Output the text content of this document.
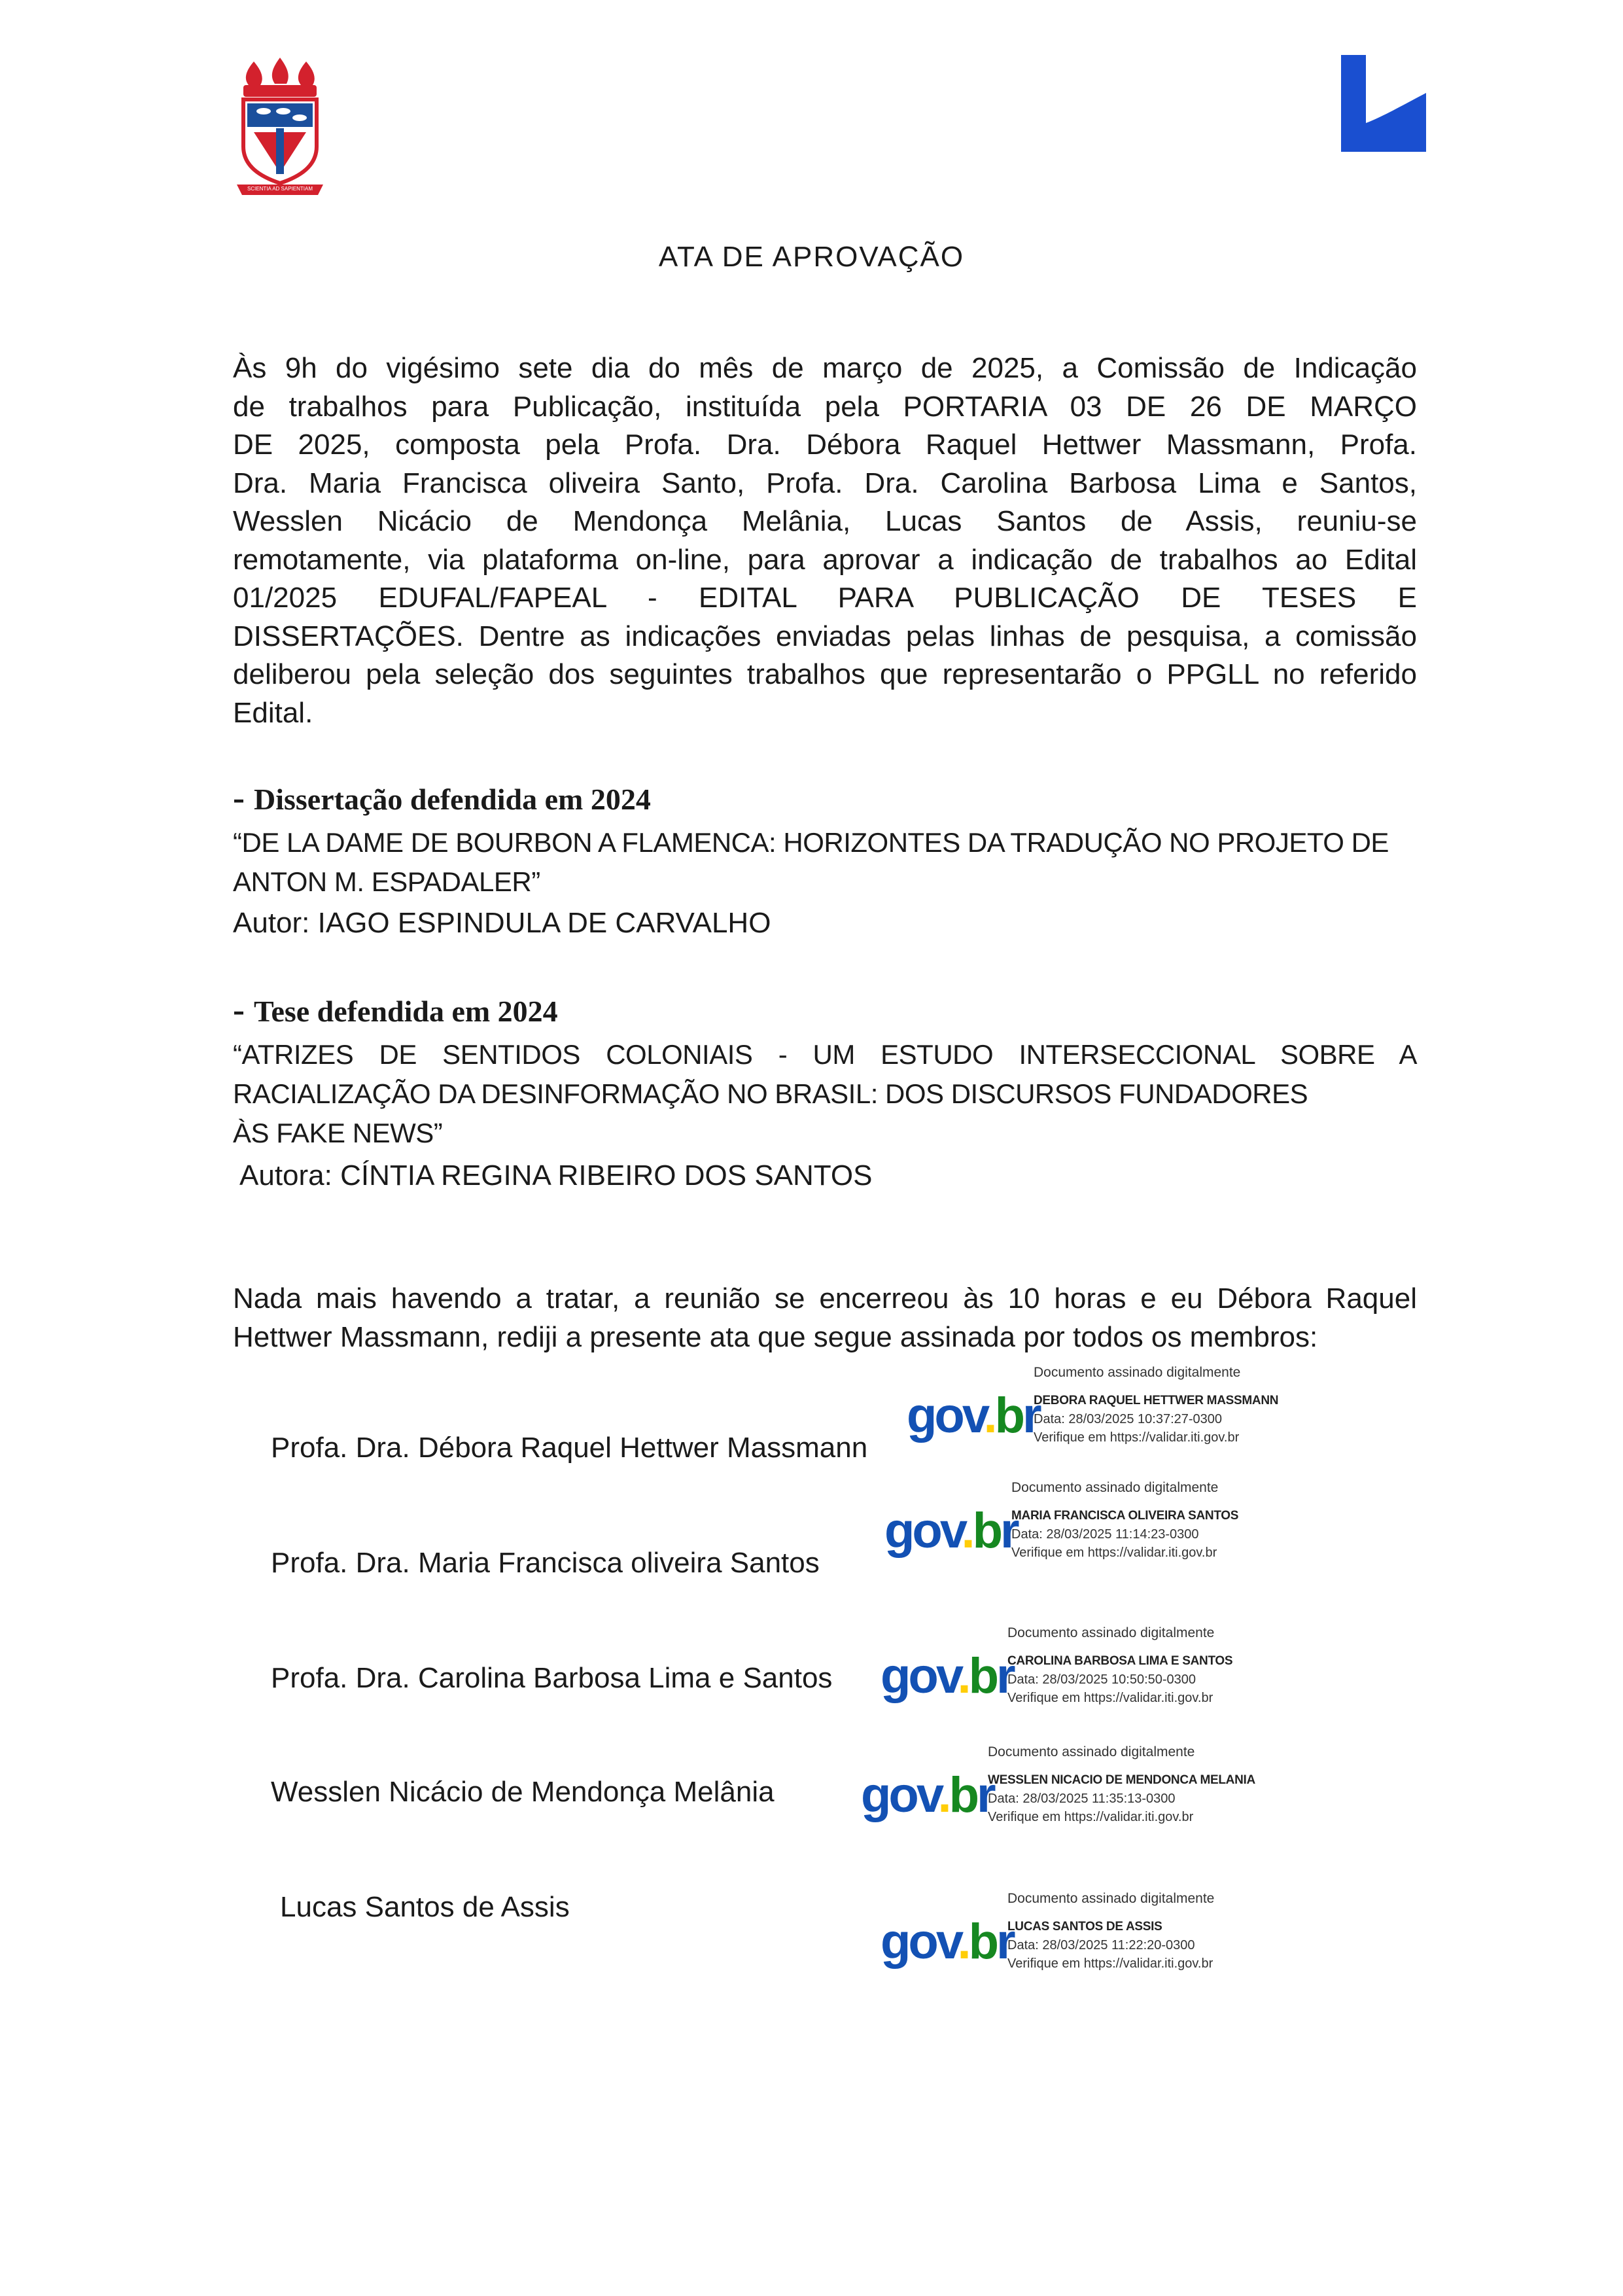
SCIENTIA AD SAPIENTIAM
ATA DE APROVAÇÃO
Às 9h do vigésimo sete dia do mês de março de 2025, a Comissão de Indicação
de trabalhos para Publicação, instituída pela PORTARIA 03 DE 26 DE MARÇO
DE 2025, composta pela Profa. Dra. Débora Raquel Hettwer Massmann, Profa.
Dra. Maria Francisca oliveira Santo, Profa. Dra. Carolina Barbosa Lima e Santos,
Wesslen Nicácio de Mendonça Melânia, Lucas Santos de Assis, reuniu-se
remotamente, via plataforma on-line, para aprovar a indicação de trabalhos ao Edital
01/2025 EDUFAL/FAPEAL - EDITAL PARA PUBLICAÇÃO DE TESES E
DISSERTAÇÕES. Dentre as indicações enviadas pelas linhas de pesquisa, a comissão
deliberou pela seleção dos seguintes trabalhos que representarão o PPGLL no referido
Edital.
- Dissertação defendida em 2024
“DE LA DAME DE BOURBON A FLAMENCA: HORIZONTES DA TRADUÇÃO NO PROJETO DE
ANTON M. ESPADALER”
Autor: IAGO ESPINDULA DE CARVALHO
- Tese defendida em 2024
“ATRIZES DE SENTIDOS COLONIAIS - UM ESTUDO INTERSECCIONAL SOBRE A
RACIALIZAÇÃO DA DESINFORMAÇÃO NO BRASIL: DOS DISCURSOS FUNDADORES
ÀS FAKE NEWS”
Autora: CÍNTIA REGINA RIBEIRO DOS SANTOS
Nada mais havendo a tratar, a reunião se encerreou às 10 horas e eu Débora Raquel
Hettwer Massmann, rediji a presente ata que segue assinada por todos os membros:
Profa. Dra. Débora Raquel Hettwer Massmann
Documento assinado digitalmente
gov.br
DEBORA RAQUEL HETTWER MASSMANN
Data: 28/03/2025 10:37:27-0300
Verifique em https://validar.iti.gov.br
Profa. Dra. Maria Francisca oliveira Santos
Documento assinado digitalmente
gov.br
MARIA FRANCISCA OLIVEIRA SANTOS
Data: 28/03/2025 11:14:23-0300
Verifique em https://validar.iti.gov.br
Profa. Dra. Carolina Barbosa Lima e Santos
Documento assinado digitalmente
gov.br
CAROLINA BARBOSA LIMA E SANTOS
Data: 28/03/2025 10:50:50-0300
Verifique em https://validar.iti.gov.br
Wesslen Nicácio de Mendonça Melânia
Documento assinado digitalmente
gov.br
WESSLEN NICACIO DE MENDONCA MELANIA
Data: 28/03/2025 11:35:13-0300
Verifique em https://validar.iti.gov.br
Lucas Santos de Assis	Documento assinado digitalmente
gov.br
LUCAS SANTOS DE ASSIS
Data: 28/03/2025 11:22:20-0300
Verifique em https://validar.iti.gov.br
